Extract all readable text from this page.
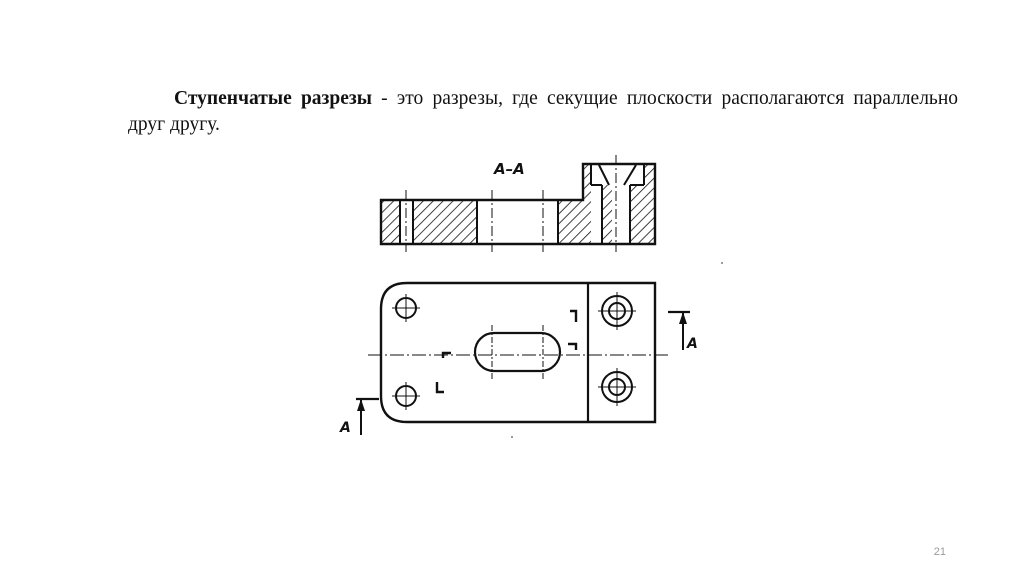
Ступенчатые разрезы - это разрезы, где секущие плоскости располагаются параллельно друг другу.

А–А
А
А
21
